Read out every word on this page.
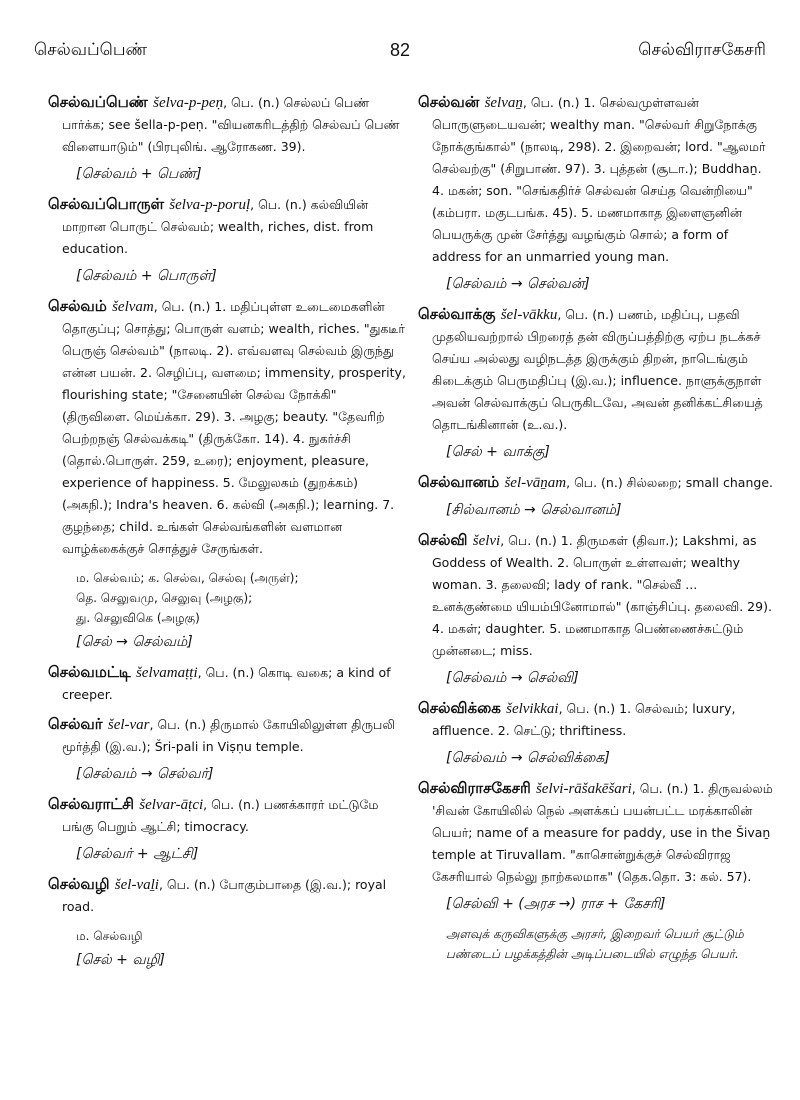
செல்வப்பெண்	82	செல்விராசகேசரி
செல்வப்பெண் šelva-p-peṇ, பெ. (n.) செல்லப் பெண் பார்க்க; see šella-p-peṇ. "வியனகரிடத்திற் செல்வப் பெண் விளையாடும்" (பிரபுலிங். ஆரோகண. 39).
[செல்வம் + பெண்]
செல்வப்பொருள் šelva-p-poruḷ, பெ. (n.) கல்வியின் மாறான பொருட் செல்வம்; wealth, riches, dist. from education.
[செல்வம் + பொருள்]
செல்வம் šelvam, பெ. (n.) 1. மதிப்புள்ள உடைமைகளின் தொகுப்பு; சொத்து; பொருள் வளம்; wealth, riches. "துகடீர் பெருஞ் செல்வம்" (நாலடி. 2). எவ்வளவு செல்வம் இருந்து என்ன பயன். 2. செழிப்பு, வளமை; immensity, prosperity, flourishing state; "சேனையின் செல்வ நோக்கி" (திருவிளை. மெய்க்கா. 29). 3. அழகு; beauty. "தேவரிற் பெற்றநஞ் செல்வக்கடி" (திருக்கோ. 14). 4. நுகர்ச்சி (தொல்.பொருள். 259, உரை); enjoyment, pleasure, experience of happiness. 5. மேலுலகம் (துறக்கம்) (அகநி.); Indra's heaven. 6. கல்வி (அகநி.); learning. 7. குழந்தை; child. உங்கள் செல்வங்களின் வளமான வாழ்க்கைக்குச் சொத்துச் சேருங்கள்.
ம. செல்வம்; க. செல்வ, செல்வு (அருள்);
தெ. செலுவமு, செலுவு (அழகு);
து. செலுவிகெ (அழகு)
[செல் → செல்வம்]
செல்வமட்டி šelvamaṭṭi, பெ. (n.) கொடி வகை; a kind of creeper.
செல்வர் šel-var, பெ. (n.) திருமால் கோயிலிலுள்ள திருபலி மூர்த்தி (இ.வ.); Šri-pali in Viṣṇu temple.
[செல்வம் → செல்வர்]
செல்வராட்சி šelvar-āṭci, பெ. (n.) பணக்காரர் மட்டுமே பங்கு பெறும் ஆட்சி; timocracy.
[செல்வர் + ஆட்சி]
செல்வழி šel-vaḻi, பெ. (n.) போகும்பாதை (இ.வ.); royal road.
ம. செல்வழி
[செல் + வழி]
செல்வன் šelvaṉ, பெ. (n.) 1. செல்வமுள்ளவன் பொருளுடையவன்; wealthy man. "செல்வர் சிறுநோக்கு நோக்குங்கால்" (நாலடி, 298). 2. இறைவன்; lord. "ஆலமர் செல்வற்கு" (சிறுபாண். 97). 3. புத்தன் (சூடா.); Buddhaṉ. 4. மகன்; son. "செங்கதிர்ச் செல்வன் செய்த வென்றியை" (கம்பரா. மகுடபங்க. 45). 5. மணமாகாத இளைஞனின் பெயருக்கு முன் சேர்த்து வழங்கும் சொல்; a form of address for an unmarried young man.
[செல்வம் → செல்வன்]
செல்வாக்கு šel-vākku, பெ. (n.) பணம், மதிப்பு, பதவி முதலியவற்றால் பிறரைத் தன் விருப்பத்திற்கு ஏற்ப நடக்கச் செய்ய அல்லது வழிநடத்த இருக்கும் திறன், நாடெங்கும் கிடைக்கும் பெருமதிப்பு (இ.வ.); influence. நாளுக்குநாள் அவன் செல்வாக்குப் பெருகிடவே, அவன் தனிக்கட்சியைத் தொடங்கினான் (உ.வ.).
[செல் + வாக்கு]
செல்வானம் šel-vāṉam, பெ. (n.) சில்லறை; small change.
[சில்வானம் → செல்வானம்]
செல்வி šelvi, பெ. (n.) 1. திருமகள் (திவா.); Lakshmi, as Goddess of Wealth. 2. பொருள் உள்ளவள்; wealthy woman. 3. தலைவி; lady of rank. "செல்வீ ... உனக்குண்மை யியம்பினோமால்" (காஞ்சிப்பு. தலைவி. 29). 4. மகள்; daughter. 5. மணமாகாத பெண்ணைச்சுட்டும் முன்னடை; miss.
[செல்வம் → செல்வி]
செல்விக்கை šelvikkai, பெ. (n.) 1. செல்வம்; luxury, affluence. 2. செட்டு; thriftiness.
[செல்வம் → செல்விக்கை]
செல்விராசகேசரி šelvi-rāšakēšari, பெ. (n.) 1. திருவல்லம் 'சிவன் கோயிலில் நெல் அளக்கப் பயன்பட்ட மரக்காலின் பெயர்; name of a measure for paddy, use in the Šivaṉ temple at Tiruvallam. "காசொன்றுக்குச் செல்விராஜ கேசரியால் நெல்லு நாற்கலமாக" (தெக.தொ. 3: கல். 57).
[செல்வி + (அரச →) ராச + கேசரி]
அளவுக் கருவிகளுக்கு அரசர், இறைவர் பெயர் சூட்டும் பண்டைப் பழக்கத்தின் அடிப்படையில் எழுந்த பெயர்.
